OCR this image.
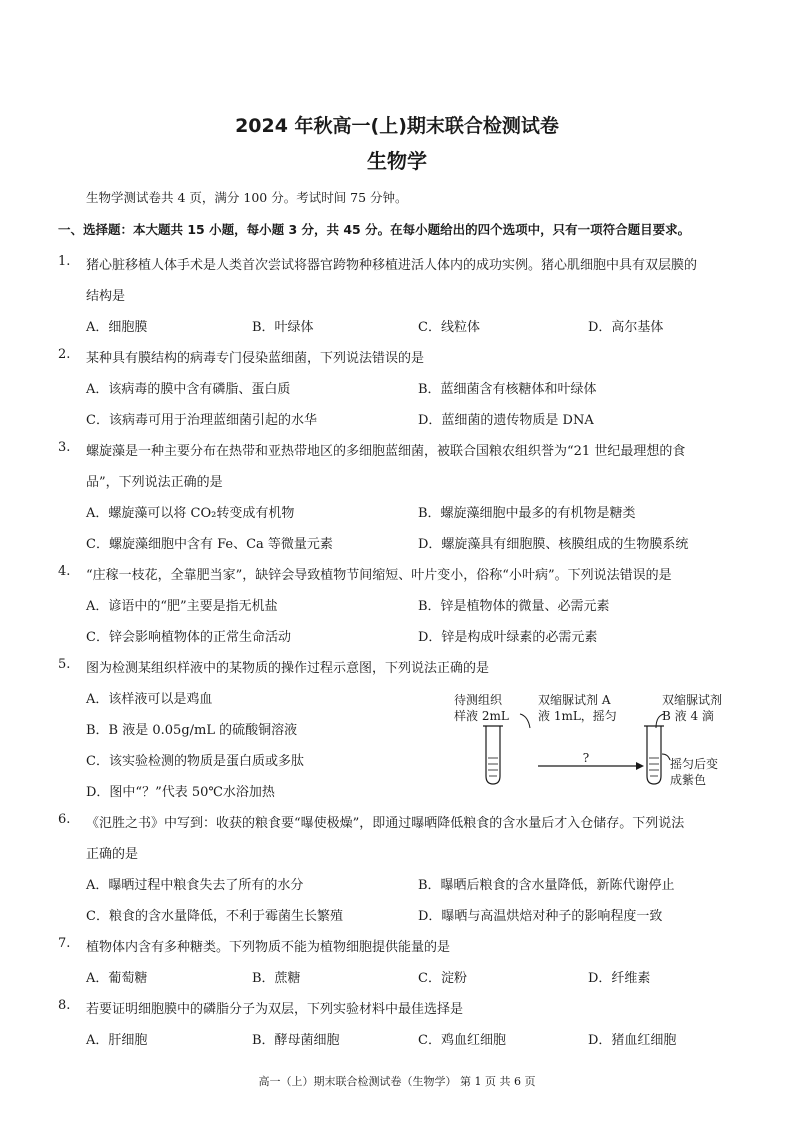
2024 年秋高一(上)期末联合检测试卷
生物学
生物学测试卷共 4 页，满分 100 分。考试时间 75 分钟。
一、选择题：本大题共 15 小题，每小题 3 分，共 45 分。在每小题给出的四个选项中，只有一项符合题目要求。
1. 猪心脏移植人体手术是人类首次尝试将器官跨物种移植进活人体内的成功实例。猪心肌细胞中具有双层膜的
结构是
A．细胞膜	B．叶绿体	C．线粒体	D．高尔基体
2. 某种具有膜结构的病毒专门侵染蓝细菌，下列说法错误的是
A．该病毒的膜中含有磷脂、蛋白质	B．蓝细菌含有核糖体和叶绿体
C．该病毒可用于治理蓝细菌引起的水华	D．蓝细菌的遗传物质是 DNA
3. 螺旋藻是一种主要分布在热带和亚热带地区的多细胞蓝细菌，被联合国粮农组织誉为“21 世纪最理想的食
品”，下列说法正确的是
A．螺旋藻可以将 CO₂转变成有机物	B．螺旋藻细胞中最多的有机物是糖类
C．螺旋藻细胞中含有 Fe、Ca 等微量元素	D．螺旋藻具有细胞膜、核膜组成的生物膜系统
4. “庄稼一枝花，全靠肥当家”，缺锌会导致植物节间缩短、叶片变小，俗称“小叶病”。下列说法错误的是
A．谚语中的“肥”主要是指无机盐	B．锌是植物体的微量、必需元素
C．锌会影响植物体的正常生命活动	D．锌是构成叶绿素的必需元素
5. 图为检测某组织样液中的某物质的操作过程示意图，下列说法正确的是
A．该样液可以是鸡血
B．B 液是 0.05g/mL 的硫酸铜溶液
C．该实验检测的物质是蛋白质或多肽
D．图中“？”代表 50℃水浴加热
待测组织
样液 2mL
双缩脲试剂 A
液 1mL，摇匀
双缩脲试剂
B 液 4 滴
?	摇匀后变
成紫色
6. 《氾胜之书》中写到：收获的粮食要“曝使极燥”，即通过曝晒降低粮食的含水量后才入仓储存。下列说法
正确的是
A．曝晒过程中粮食失去了所有的水分	B．曝晒后粮食的含水量降低，新陈代谢停止
C．粮食的含水量降低，不利于霉菌生长繁殖	D．曝晒与高温烘焙对种子的影响程度一致
7. 植物体内含有多种糖类。下列物质不能为植物细胞提供能量的是
A．葡萄糖	B．蔗糖	C．淀粉	D．纤维素
8. 若要证明细胞膜中的磷脂分子为双层，下列实验材料中最佳选择是
A．肝细胞	B．酵母菌细胞	C．鸡血红细胞	D．猪血红细胞
高一（上）期末联合检测试卷（生物学） 第 1 页 共 6 页
